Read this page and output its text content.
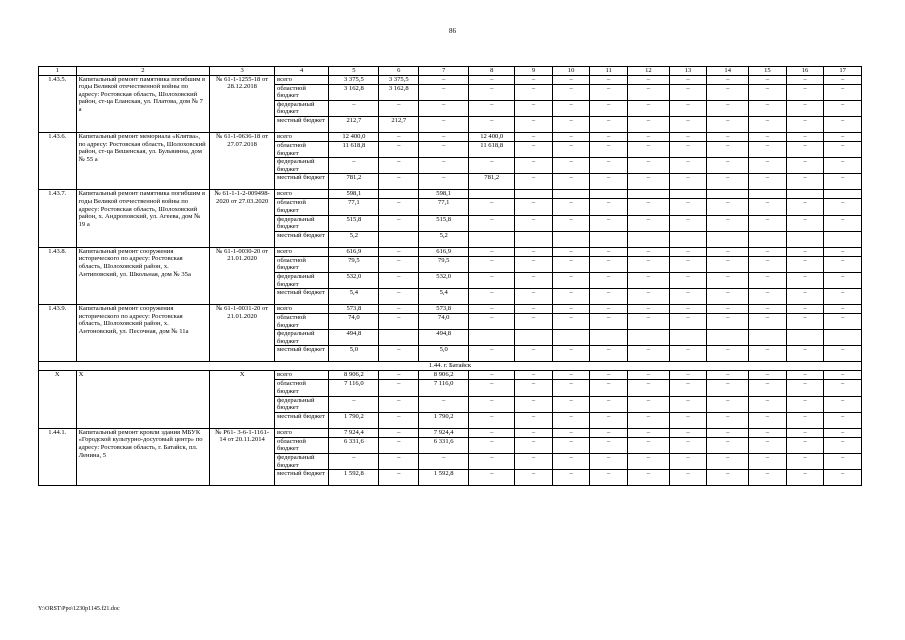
86
1	2	3	4	5	6	7	8	9	10	11	12	13	14	15	16	17
1.43.5.	Капитальный ремонт памятника погибшим в годы Великой отечественной войны по адресу: Ростовская область, Шолоховский район, ст-ца Еланская, ул. Платова, дом № 7 а	№ 61-1-1255-18 от 28.12.2018	всего	3 375,5	3 375,5	–	–	–	–	–	–	–	–	–	–	–
			областной бюджет	3 162,8	3 162,8	–	–	–	–	–	–	–	–	–	–	–
			федеральный бюджет	–	–	–	–	–	–	–	–	–	–	–	–	–
			местный бюджет	212,7	212,7	–	–	–	–	–	–	–	–	–	–	–
1.43.6.	Капитальный ремонт мемориала «Клятва», по адресу: Ростовская область, Шолоховский район, ст-ца Вешенская, ул. Бульвинна, дом № 55 а	№ 61-1-0636-18 от 27.07.2018	всего	12 400,0	–	–	12 400,0	–	–	–	–	–	–	–	–	–
			областной бюджет	11 618,8	–	–	11 618,8	–	–	–	–	–	–	–	–	–
			федеральный бюджет	–	–	–	–	–	–	–	–	–	–	–	–	–
			местный бюджет	781,2	–	–	781,2	–	–	–	–	–	–	–	–	–
1.43.7.	Капитальный ремонт памятника погибшим в годы Великой отечественной войны по адресу: Ростовская область, Шолоховский район, х. Андроповский, ул. Агеева, дом № 19 а	№ 61-1-1-2-009498-2020 от 27.03.2020	всего	598,1		598,1										
			областной бюджет	77,1	–	77,1	–	–	–	–	–	–	–	–	–	–
			федеральный бюджет	515,8	–	515,8	–	–	–	–	–	–	–	–	–	–
			местный бюджет	5,2		5,2										
1.43.8.	Капитальный ремонт сооружения исторического по адресу: Ростовская область, Шолоховский район, х. Антиповский, ул. Школьная, дом № 35а	№ 61-1-0030-20 от 21.01.2020	всего	616,9	–	616,9	–	–	–	–	–	–	–	–	–	–
			областной бюджет	79,5	–	79,5	–	–	–	–	–	–	–	–	–	–
			федеральный бюджет	532,0	–	532,0	–	–	–	–	–	–	–	–	–	–
			местный бюджет	5,4	–	5,4	–	–	–	–	–	–	–	–	–	–
1.43.9.	Капитальный ремонт сооружения исторического по адресу: Ростовская область, Шолоховский район, х. Антоновский, ул. Песочная, дом № 11а	№ 61-1-0031-20 от 21.01.2020	всего	573,8	–	573,8	–	–	–	–	–	–	–	–	–	–
			областной бюджет	74,0	–	74,0	–	–	–	–	–	–	–	–	–	–
			федеральный бюджет	494,8		494,8										
			местный бюджет	5,0	–	5,0	–	–	–	–	–	–	–	–	–	–
1.44. г. Батайск																
X	X	X	всего	8 906,2	–	8 906,2	–	–	–	–	–	–	–	–	–	–
			областной бюджет	7 116,0	–	7 116,0	–	–	–	–	–	–	–	–	–	–
			федеральный бюджет	–	–	–	–	–	–	–	–	–	–	–	–	–
			местный бюджет	1 790,2	–	1 790,2	–	–	–	–	–	–	–	–	–	–
1.44.1.	Капитальный ремонт кровли здания МБУК «Городской культурно-досуговый центр» по адресу: Ростовская область, г. Батайск, пл. Ленина, 5	№ Р61- 3-6-1-1161-14 от 20.11.2014	всего	7 924,4	–	7 924,4	–	–	–	–	–	–	–	–	–	–
			областной бюджет	6 331,6	–	6 331,6	–	–	–	–	–	–	–	–	–	–
			федеральный бюджет	–	–	–	–	–	–	–	–	–	–	–	–	–
			местный бюджет	1 592,8	–	1 592,8	–	–	–	–	–	–	–	–	–	–
Y:\ORST\Ppo\1230p1145.f21.doc
